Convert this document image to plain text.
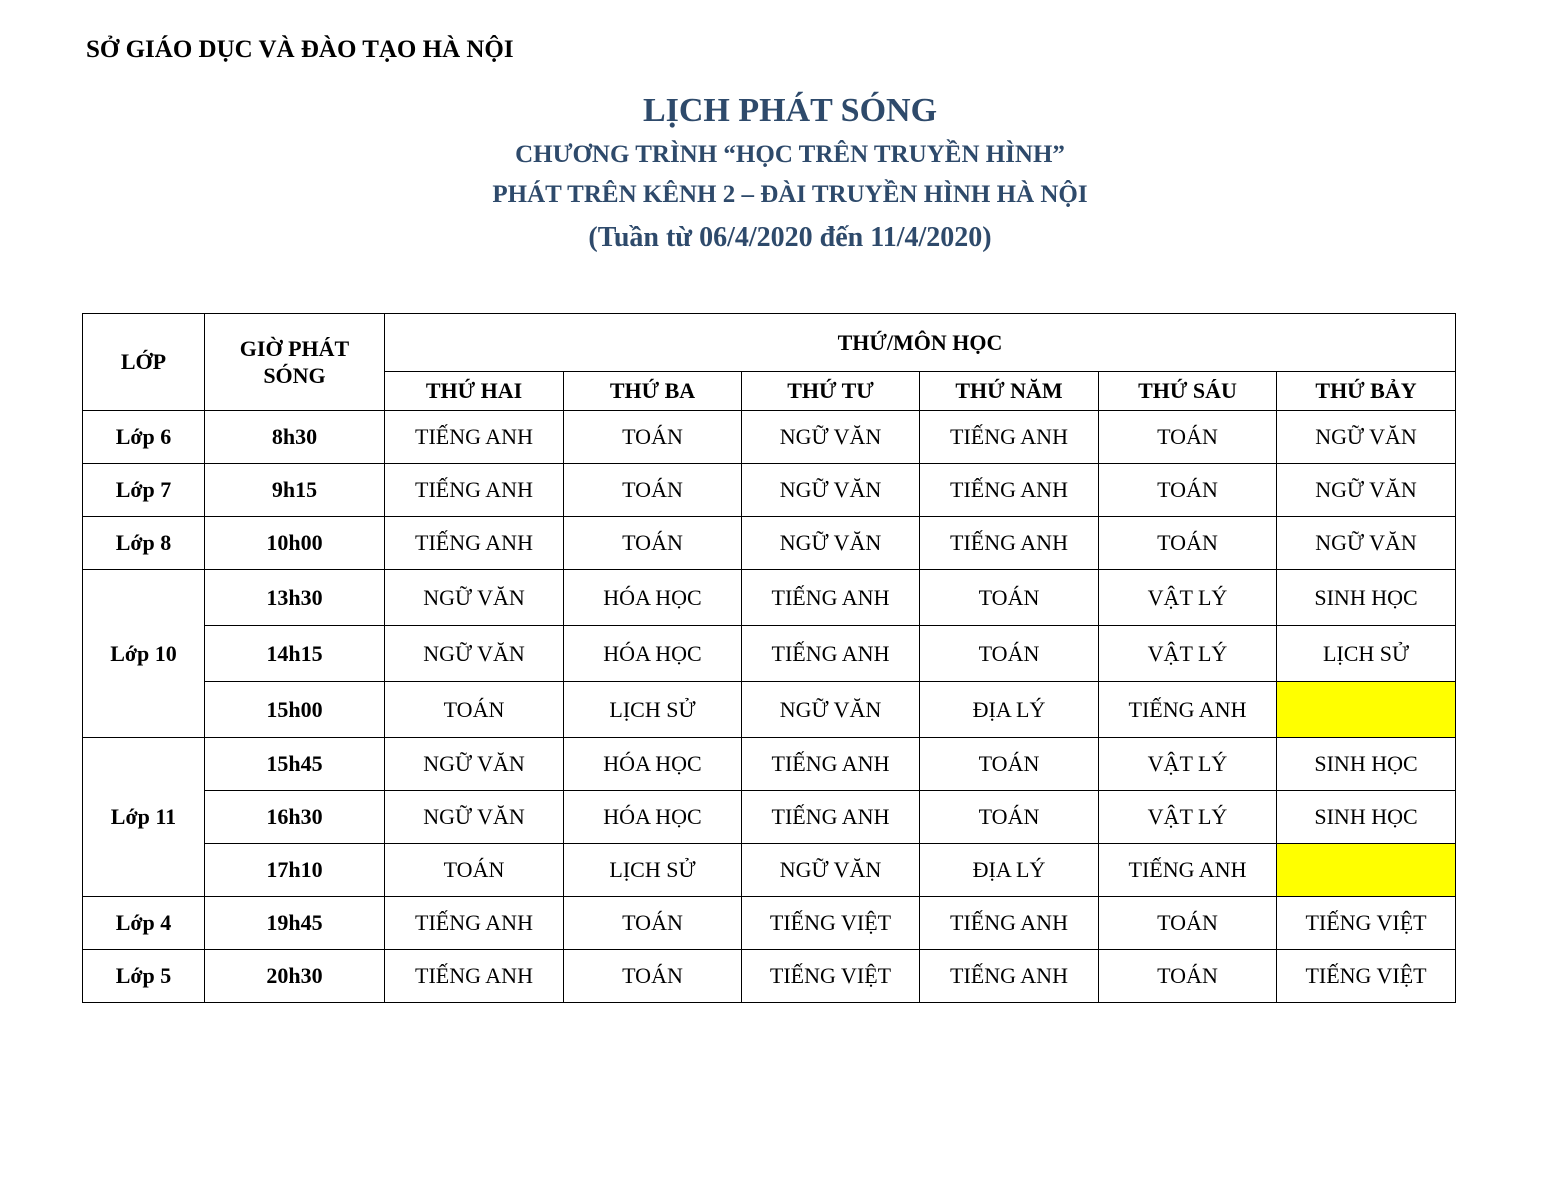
SỞ GIÁO DỤC VÀ ĐÀO TẠO HÀ NỘI
LỊCH PHÁT SÓNG
CHƯƠNG TRÌNH “HỌC TRÊN TRUYỀN HÌNH”
PHÁT TRÊN KÊNH 2 – ĐÀI TRUYỀN HÌNH HÀ NỘI
(Tuần từ 06/4/2020 đến 11/4/2020)
LỚP	GIỜ PHÁT SÓNG	THỨ/MÔN HỌC					
		THỨ HAI	THỨ BA	THỨ TƯ	THỨ NĂM	THỨ SÁU	THỨ BẢY
Lớp 6	8h30	TIẾNG ANH	TOÁN	NGỮ VĂN	TIẾNG ANH	TOÁN	NGỮ VĂN
Lớp 7	9h15	TIẾNG ANH	TOÁN	NGỮ VĂN	TIẾNG ANH	TOÁN	NGỮ VĂN
Lớp 8	10h00	TIẾNG ANH	TOÁN	NGỮ VĂN	TIẾNG ANH	TOÁN	NGỮ VĂN
Lớp 10	13h30	NGỮ VĂN	HÓA HỌC	TIẾNG ANH	TOÁN	VẬT LÝ	SINH HỌC
	14h15	NGỮ VĂN	HÓA HỌC	TIẾNG ANH	TOÁN	VẬT LÝ	LỊCH SỬ
	15h00	TOÁN	LỊCH SỬ	NGỮ VĂN	ĐỊA LÝ	TIẾNG ANH	
Lớp 11	15h45	NGỮ VĂN	HÓA HỌC	TIẾNG ANH	TOÁN	VẬT LÝ	SINH HỌC
	16h30	NGỮ VĂN	HÓA HỌC	TIẾNG ANH	TOÁN	VẬT LÝ	SINH HỌC
	17h10	TOÁN	LỊCH SỬ	NGỮ VĂN	ĐỊA LÝ	TIẾNG ANH	
Lớp 4	19h45	TIẾNG ANH	TOÁN	TIẾNG VIỆT	TIẾNG ANH	TOÁN	TIẾNG VIỆT
Lớp 5	20h30	TIẾNG ANH	TOÁN	TIẾNG VIỆT	TIẾNG ANH	TOÁN	TIẾNG VIỆT
